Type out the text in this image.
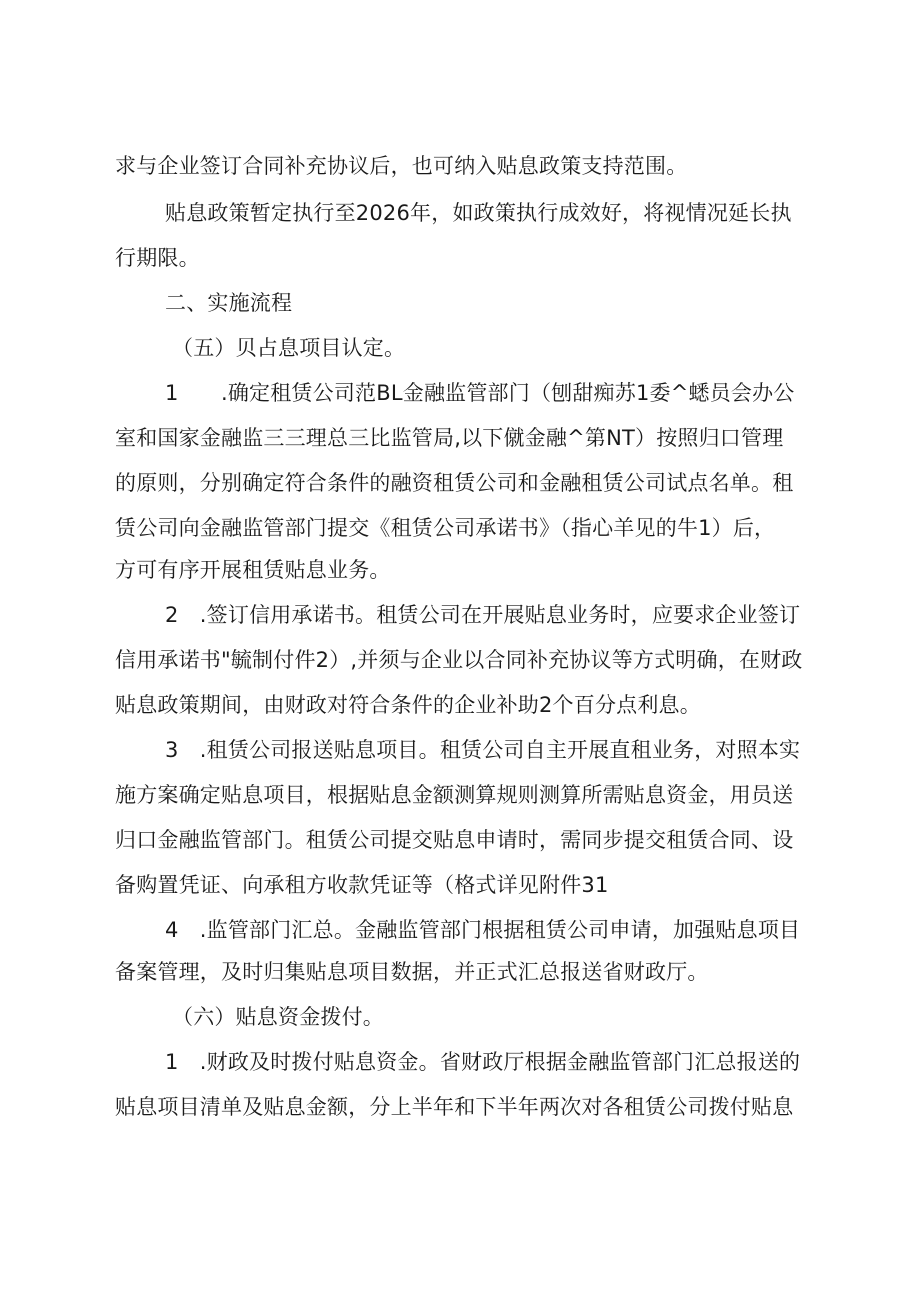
求与企业签订合同补充协议后，也可纳入贴息政策支持范围。
贴息政策暂定执行至2026年，如政策执行成效好，将视情况延长执
行期限。
二、实施流程
（五）贝占息项目认定。
1　　.确定租赁公司范BL金融监管部门（刨甜痴苏1委^蟋员会办公
室和国家金融监三三理总三比监管局,以下僦金融^第NT）按照归口管理
的原则，分别确定符合条件的融资租赁公司和金融租赁公司试点名单。租
赁公司向金融监管部门提交《租赁公司承诺书》（指心羊见的牛1）后，
方可有序开展租赁贴息业务。
2　.签订信用承诺书。租赁公司在开展贴息业务时，应要求企业签订
信用承诺书"毓制付件2）,并须与企业以合同补充协议等方式明确，在财政
贴息政策期间，由财政对符合条件的企业补助2个百分点利息。
3　.租赁公司报送贴息项目。租赁公司自主开展直租业务，对照本实
施方案确定贴息项目，根据贴息金额测算规则测算所需贴息资金，用员送
归口金融监管部门。租赁公司提交贴息申请时，需同步提交租赁合同、设
备购置凭证、向承租方收款凭证等（格式详见附件31
4　.监管部门汇总。金融监管部门根据租赁公司申请，加强贴息项目
备案管理，及时归集贴息项目数据，并正式汇总报送省财政厅。
（六）贴息资金拨付。
1　.财政及时拨付贴息资金。省财政厅根据金融监管部门汇总报送的
贴息项目清单及贴息金额，分上半年和下半年两次对各租赁公司拨付贴息
